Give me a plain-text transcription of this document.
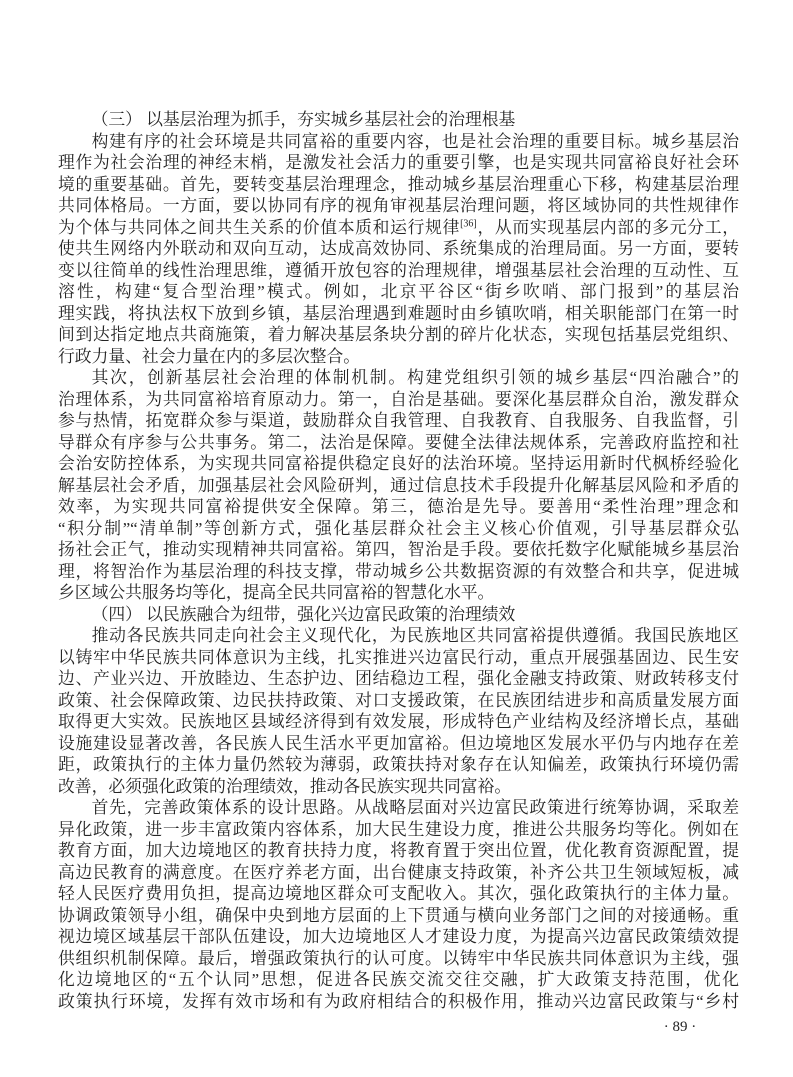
（三） 以基层治理为抓手，夯实城乡基层社会的治理根基
构建有序的社会环境是共同富裕的重要内容，也是社会治理的重要目标。城乡基层治
理作为社会治理的神经末梢，是激发社会活力的重要引擎，也是实现共同富裕良好社会环
境的重要基础。首先，要转变基层治理理念，推动城乡基层治理重心下移，构建基层治理
共同体格局。一方面，要以协同有序的视角审视基层治理问题，将区域协同的共性规律作
为个体与共同体之间共生关系的价值本质和运行规律[36]，从而实现基层内部的多元分工，
使共生网络内外联动和双向互动，达成高效协同、系统集成的治理局面。另一方面，要转
变以往简单的线性治理思维，遵循开放包容的治理规律，增强基层社会治理的互动性、互
溶性，构建“复合型治理”模式。例如，北京平谷区“街乡吹哨、部门报到”的基层治
理实践，将执法权下放到乡镇，基层治理遇到难题时由乡镇吹哨，相关职能部门在第一时
间到达指定地点共商施策，着力解决基层条块分割的碎片化状态，实现包括基层党组织、
行政力量、社会力量在内的多层次整合。
其次，创新基层社会治理的体制机制。构建党组织引领的城乡基层“四治融合”的
治理体系，为共同富裕培育原动力。第一，自治是基础。要深化基层群众自治，激发群众
参与热情，拓宽群众参与渠道，鼓励群众自我管理、自我教育、自我服务、自我监督，引
导群众有序参与公共事务。第二，法治是保障。要健全法律法规体系，完善政府监控和社
会治安防控体系，为实现共同富裕提供稳定良好的法治环境。坚持运用新时代枫桥经验化
解基层社会矛盾，加强基层社会风险研判，通过信息技术手段提升化解基层风险和矛盾的
效率，为实现共同富裕提供安全保障。第三，德治是先导。要善用“柔性治理”理念和
“积分制”“清单制”等创新方式，强化基层群众社会主义核心价值观，引导基层群众弘
扬社会正气，推动实现精神共同富裕。第四，智治是手段。要依托数字化赋能城乡基层治
理，将智治作为基层治理的科技支撑，带动城乡公共数据资源的有效整合和共享，促进城
乡区域公共服务均等化，提高全民共同富裕的智慧化水平。
（四） 以民族融合为纽带，强化兴边富民政策的治理绩效
推动各民族共同走向社会主义现代化，为民族地区共同富裕提供遵循。我国民族地区
以铸牢中华民族共同体意识为主线，扎实推进兴边富民行动，重点开展强基固边、民生安
边、产业兴边、开放睦边、生态护边、团结稳边工程，强化金融支持政策、财政转移支付
政策、社会保障政策、边民扶持政策、对口支援政策，在民族团结进步和高质量发展方面
取得更大实效。民族地区县域经济得到有效发展，形成特色产业结构及经济增长点，基础
设施建设显著改善，各民族人民生活水平更加富裕。但边境地区发展水平仍与内地存在差
距，政策执行的主体力量仍然较为薄弱，政策扶持对象存在认知偏差，政策执行环境仍需
改善，必须强化政策的治理绩效，推动各民族实现共同富裕。
首先，完善政策体系的设计思路。从战略层面对兴边富民政策进行统筹协调，采取差
异化政策，进一步丰富政策内容体系，加大民生建设力度，推进公共服务均等化。例如在
教育方面，加大边境地区的教育扶持力度，将教育置于突出位置，优化教育资源配置，提
高边民教育的满意度。在医疗养老方面，出台健康支持政策，补齐公共卫生领域短板，减
轻人民医疗费用负担，提高边境地区群众可支配收入。其次，强化政策执行的主体力量。
协调政策领导小组，确保中央到地方层面的上下贯通与横向业务部门之间的对接通畅。重
视边境区域基层干部队伍建设，加大边境地区人才建设力度，为提高兴边富民政策绩效提
供组织机制保障。最后，增强政策执行的认可度。以铸牢中华民族共同体意识为主线，强
化边境地区的“五个认同”思想，促进各民族交流交往交融，扩大政策支持范围，优化
政策执行环境，发挥有效市场和有为政府相结合的积极作用，推动兴边富民政策与“乡村
· 89 ·
